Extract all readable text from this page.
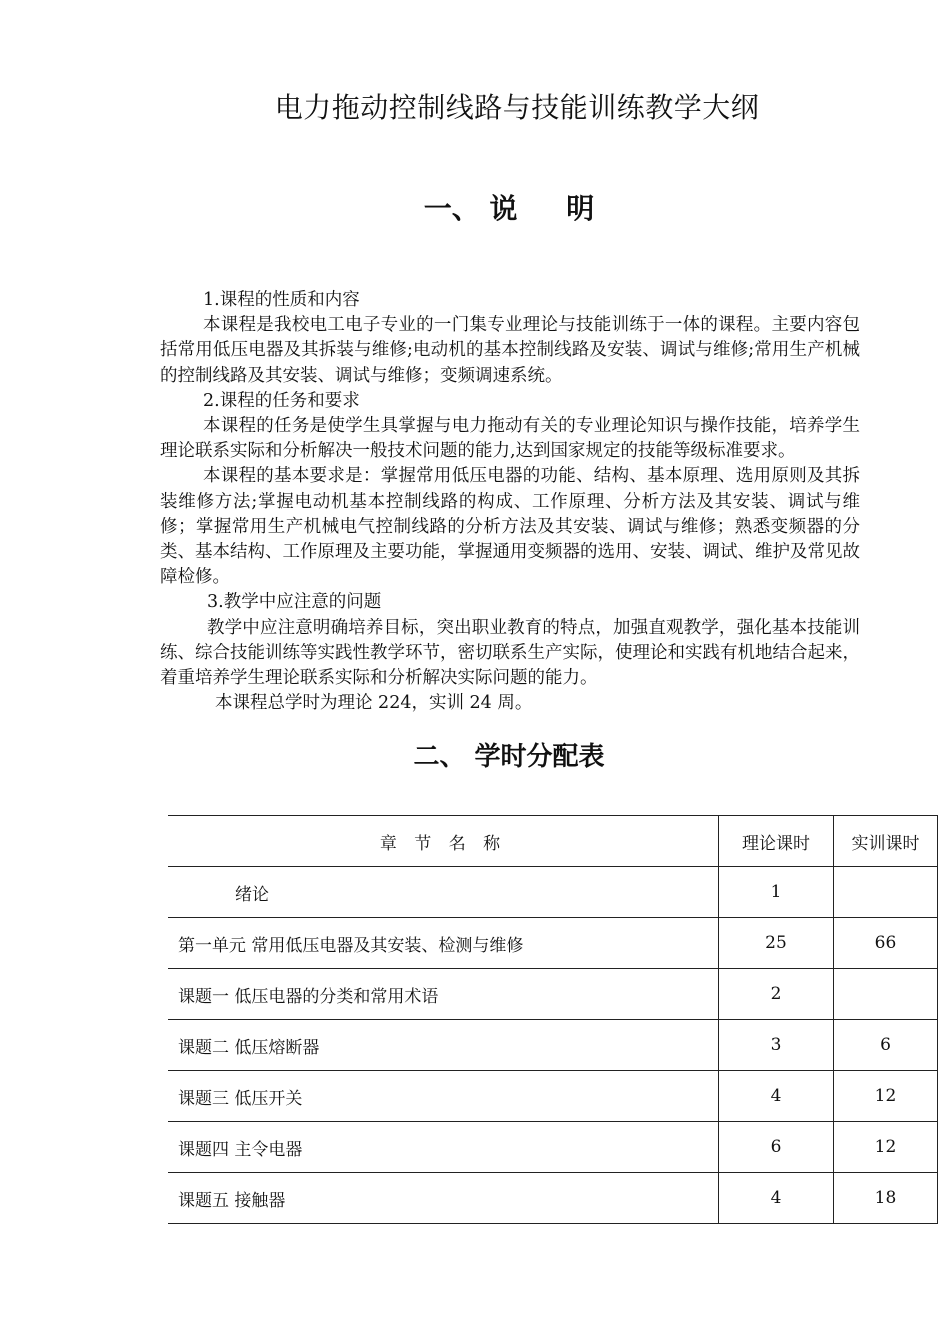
电力拖动控制线路与技能训练教学大纲
一、 说     明

1.课程的性质和内容

本课程是我校电工电子专业的一门集专业理论与技能训练于一体的课程。主要内容包括常用低压电器及其拆装与维修;电动机的基本控制线路及安装、调试与维修;常用生产机械的控制线路及其安装、调试与维修；变频调速系统。

2.课程的任务和要求

本课程的任务是使学生具掌握与电力拖动有关的专业理论知识与操作技能，培养学生理论联系实际和分析解决一般技术问题的能力,达到国家规定的技能等级标准要求。

本课程的基本要求是：掌握常用低压电器的功能、结构、基本原理、选用原则及其拆装维修方法;掌握电动机基本控制线路的构成、工作原理、分析方法及其安装、调试与维修；掌握常用生产机械电气控制线路的分析方法及其安装、调试与维修；熟悉变频器的分类、基本结构、工作原理及主要功能，掌握通用变频器的选用、安装、调试、维护及常见故障检修。

3.教学中应注意的问题

教学中应注意明确培养目标，突出职业教育的特点，加强直观教学，强化基本技能训练、综合技能训练等实践性教学环节，密切联系生产实际，使理论和实践有机地结合起来，着重培养学生理论联系实际和分析解决实际问题的能力。

本课程总学时为理论 224，实训 24 周。

二、 学时分配表
章 节 名 称	理论课时	实训课时
绪论	1	
第一单元 常用低压电器及其安装、检测与维修	25	66
课题一 低压电器的分类和常用术语	2	
课题二 低压熔断器	3	6
课题三 低压开关	4	12
课题四 主令电器	6	12
课题五 接触器	4	18
